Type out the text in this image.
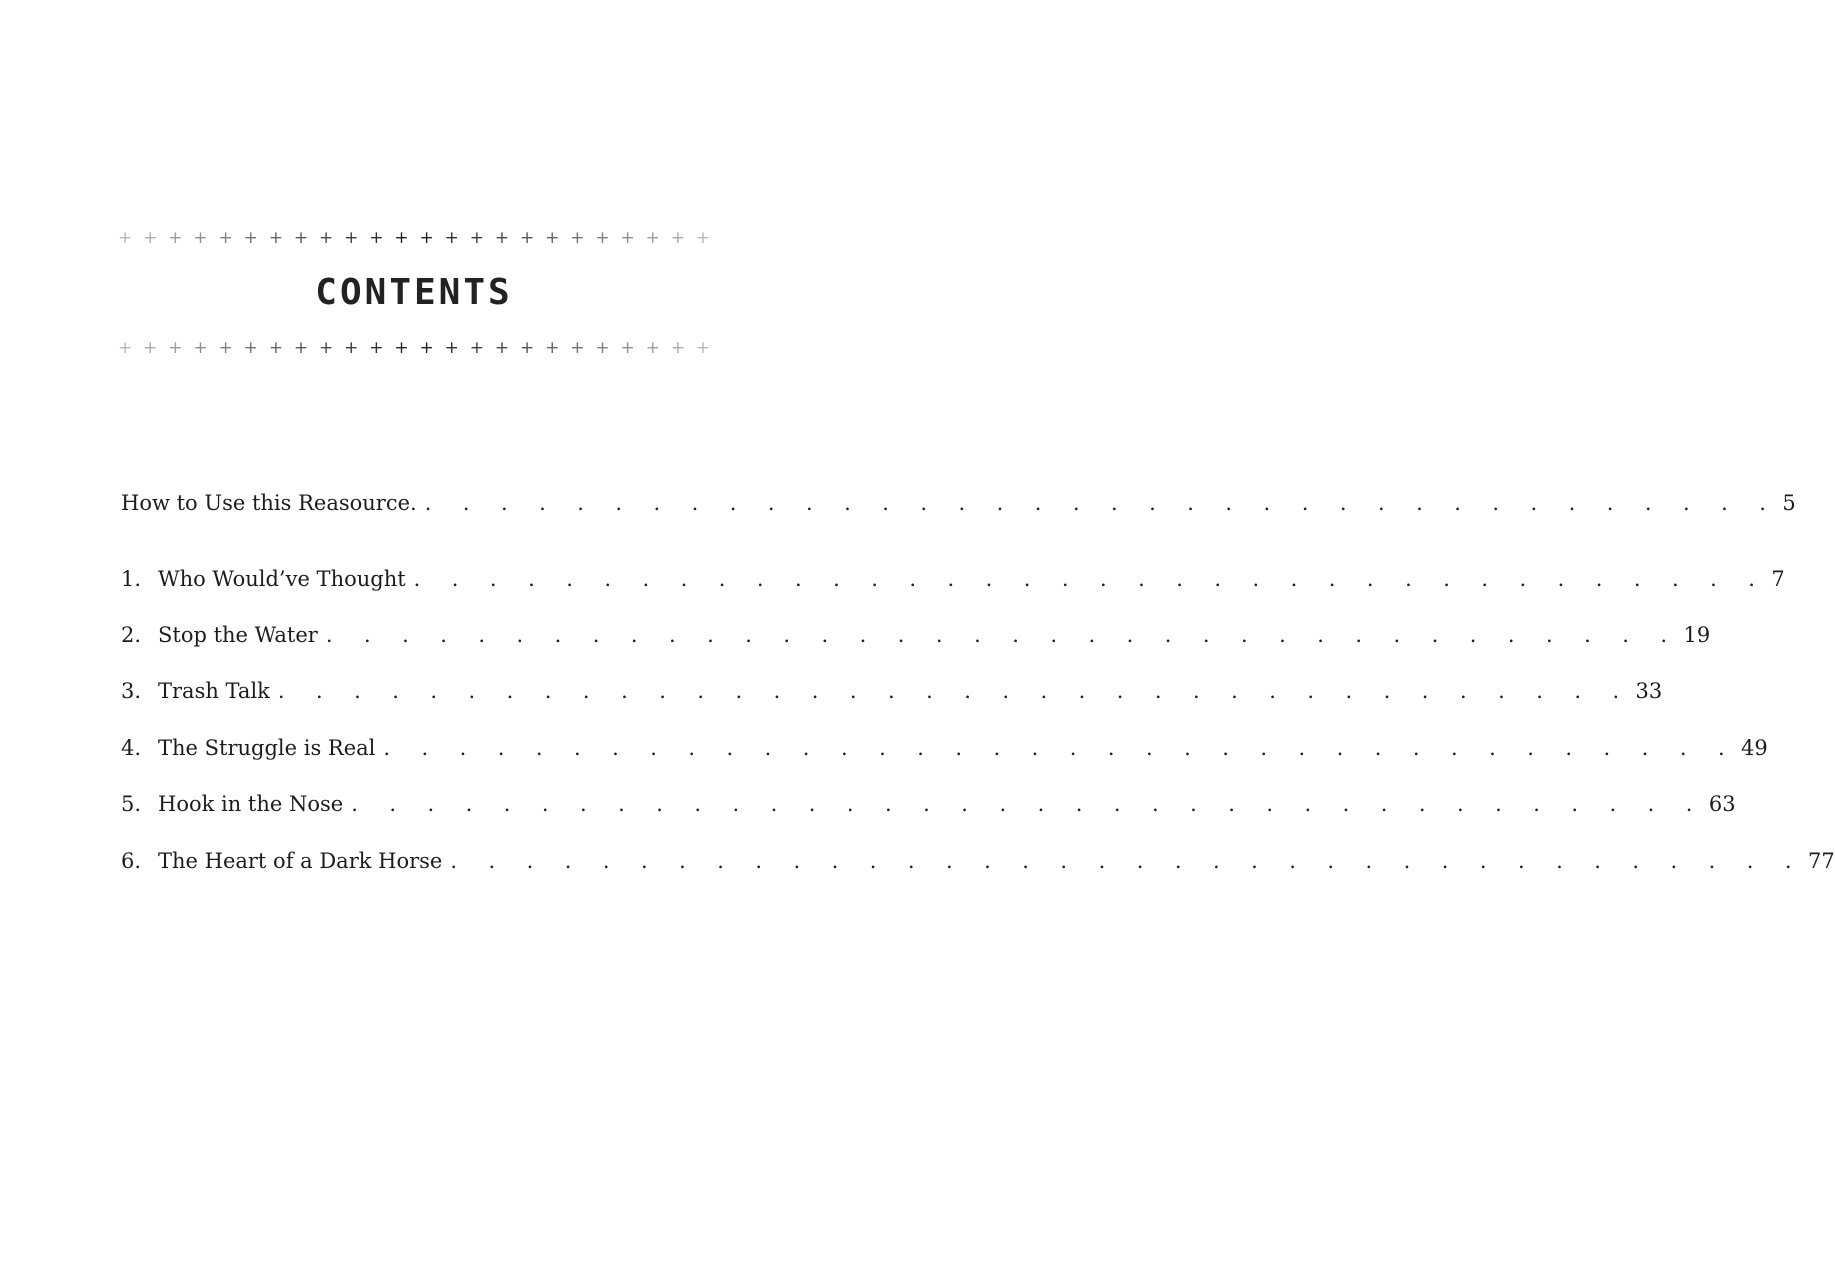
+ + + + + + + + + + + + + + + + + + + + + + + +
CONTENTS
+ + + + + + + + + + + + + + + + + + + + + + + +
How to Use this Reasource. . . . . . . . . . . . . . . . . . . . . . . . . . . . . . . . . . . . . 5
1. Who Would’ve Thought . . . . . . . . . . . . . . . . . . . . . . . . . . . . . . . . . . . . 7
2. Stop the Water . . . . . . . . . . . . . . . . . . . . . . . . . . . . . . . . . . . . 19
3. Trash Talk . . . . . . . . . . . . . . . . . . . . . . . . . . . . . . . . . . . . 33
4. The Struggle is Real . . . . . . . . . . . . . . . . . . . . . . . . . . . . . . . . . . . . 49
5. Hook in the Nose . . . . . . . . . . . . . . . . . . . . . . . . . . . . . . . . . . . . 63
6. The Heart of a Dark Horse . . . . . . . . . . . . . . . . . . . . . . . . . . . . . . . . . . . . 77
